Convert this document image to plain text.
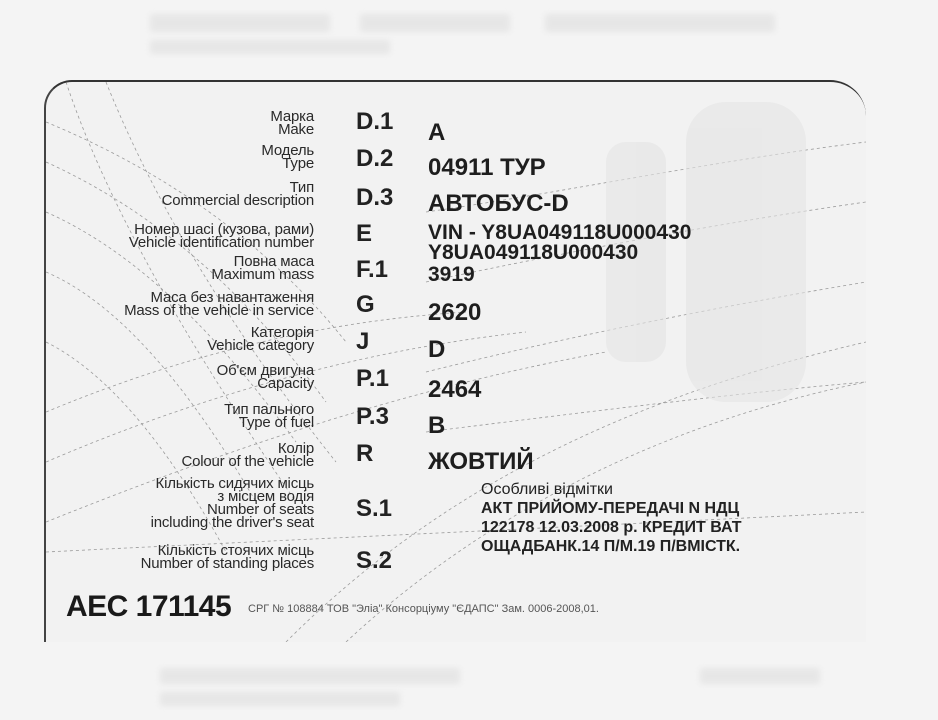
Марка
Make
Модель
Type
Тип
Commercial description
Номер шасі (кузова, рами)
Vehicle identification number
Повна маса
Maximum mass
Маса без навантаження
Mass of the vehicle in service
Категорія
Vehicle category
Об'єм двигуна
Capacity
Тип пального
Type of fuel
Колір
Colour of the vehicle
Кількість сидячих місць
з місцем водія
Number of seats
including the driver's seat
Кількість стоячих місць
Number of standing places
D.1
D.2
D.3
E
F.1
G
J
P.1
P.3
R
S.1
S.2
A
04911 ТУР
АВТОБУС-D
VIN - Y8UA049118U000430
Y8UA049118U000430
3919
2620
D
2464
B
ЖОВТИЙ
Особливі відмітки
АКТ ПРИЙОМУ-ПЕРЕДАЧІ N НДЦ
122178 12.03.2008 р. КРЕДИТ ВАТ
ОЩАДБАНК.14 П/М.19 П/ВМІСТК.
AEC 171145 СРГ № 108884 ТОВ "Эліа" Консорціуму "ЄДАПС" Зам. 0006-2008,01.
